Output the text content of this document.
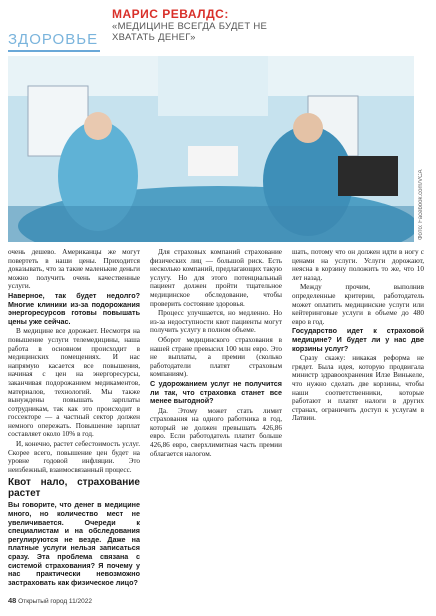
ЗДОРОВЬЕ
МАРИС РЕВАЛДС:
«МЕДИЦИНЕ ВСЕГДА БУДЕТ НЕ ХВАТАТЬ ДЕНЕГ»
Фото: Facebook.com/VCA

очень дешево. Американцы же могут повертеть в наши цены. Приходится доказывать, что за такие маленькие деньги можно получить очень качественные услуги.

Наверное, так будет недолго? Многие клиники из-за подорожания энергоресурсов готовы повышать цены уже сейчас.

В медицине все дорожает. Несмотря на повышение услуги телемедицины, наша работа в основном происходит в медицинских помещениях. И нас напрямую касается все повышения, начиная с цен на энергоресурсы, заканчивая подорожанием медикаментов, материалов, технологий. Мы также вынуждены повышать зарплаты сотрудникам, так как это происходит в госсекторе — а частный сектор должен немного опережать. Повышение зарплат составляет около 10% в год.

И, конечно, растет себестоимость услуг. Скорее всего, повышение цен будет на уровне годовой инфляции. Это неизбежный, взаимосвязанный процесс.

Квот нало, страхование растет

Вы говорите, что денег в медицине много, но количество мест не увеличивается. Очереди к специалистам и на обследования регулируются не везде. Даже на платные услуги нельзя записаться сразу. Эта проблема связана с системой страхования? Я почему у нас практически невозможно застраховать как физическое лицо?

Для страховых компаний страхование физических лиц — большой риск. Есть несколько компаний, предлагающих такую услугу. Но для этого потенциальный пациент должен пройти тщательное медицинское обследование, чтобы проверить состояние здоровья.

Процесс улучшается, но медленно. Но из-за недоступности квот пациенты могут получить услугу в полном объеме.

Оборот медицинского страхования в нашей стране превысил 100 млн евро. Это не выплаты, а премии (сколько работодатели платят страховым компаниям).

С удорожанием услуг не получится ли так, что страховка станет все менее выгодной?

Да. Этому может стать лимит страхования на одного работника в год, который не должен превышать 426,86 евро. Если работодатель платит больше 426,86 евро, сверхлимитная часть премии облагается налогом.

шать, потому что он должен идти в ногу с ценами на услуги. Услуги дорожают, неясна в корзину положить то же, что 10 лет назад.

Между прочим, выполнив определенные критерии, работодатель может оплатить медицинские услуги или кейтеринговые услуги в объеме до 480 евро в год.

Государство идет к страховой медицине? И будет ли у нас две корзины услуг?

Сразу скажу: никакая реформа не грядет. Была идея, которую продвигала министр здравоохранения Илзе Винькеле, что нужно сделать две корзины, чтобы наши соответственники, которые работают и платят налоги в других странах, ограничить доступ к услугам в Латвии.

48 Открытый город 11/2022
